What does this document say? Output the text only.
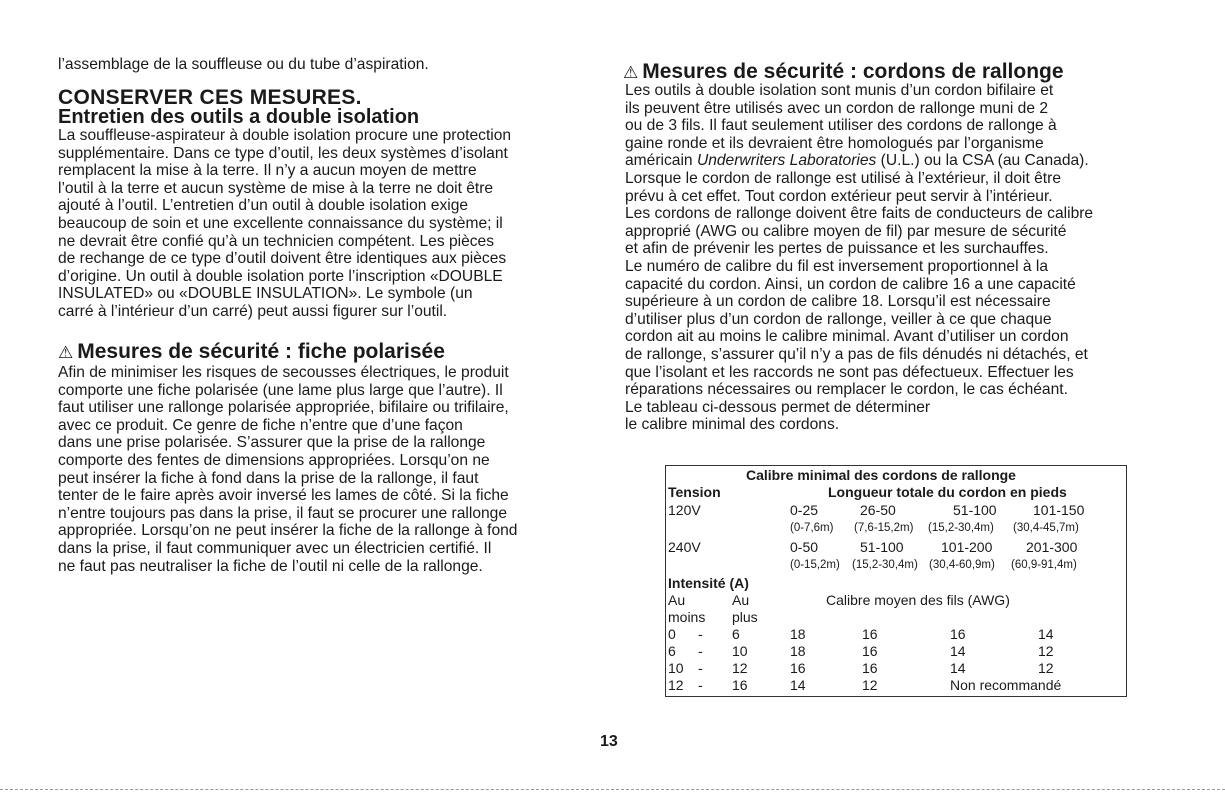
l’assemblage de la souffleuse ou du tube d’aspiration.
CONSERVER CES MESURES.
Entretien des outils a double isolation
La souffleuse-aspirateur à double isolation procure une protection
supplémentaire. Dans ce type d’outil, les deux systèmes d’isolant
remplacent la mise à la terre. Il n’y a aucun moyen de mettre
l’outil à la terre et aucun système de mise à la terre ne doit être
ajouté à l’outil. L’entretien d’un outil à double isolation exige
beaucoup de soin et une excellente connaissance du système; il
ne devrait être confié qu’à un technicien compétent. Les pièces
de rechange de ce type d’outil doivent être identiques aux pièces
d’origine. Un outil à double isolation porte l’inscription «DOUBLE
INSULATED» ou «DOUBLE INSULATION». Le symbole (un
carré à l’intérieur d’un carré) peut aussi figurer sur l’outil.
⚠ Mesures de sécurité : fiche polarisée
Afin de minimiser les risques de secousses électriques, le produit
comporte une fiche polarisée (une lame plus large que l’autre). Il
faut utiliser une rallonge polarisée appropriée, bifilaire ou trifilaire,
avec ce produit. Ce genre de fiche n’entre que d’une façon
dans une prise polarisée. S’assurer que la prise de la rallonge
comporte des fentes de dimensions appropriées. Lorsqu’on ne
peut insérer la fiche à fond dans la prise de la rallonge, il faut
tenter de le faire après avoir inversé les lames de côté. Si la fiche
n’entre toujours pas dans la prise, il faut se procurer une rallonge
appropriée. Lorsqu’on ne peut insérer la fiche de la rallonge à fond
dans la prise, il faut communiquer avec un électricien certifié. Il
ne faut pas neutraliser la fiche de l’outil ni celle de la rallonge.
⚠ Mesures de sécurité : cordons de rallonge
Les outils à double isolation sont munis d’un cordon bifilaire et
ils peuvent être utilisés avec un cordon de rallonge muni de 2
ou de 3 fils. Il faut seulement utiliser des cordons de rallonge à
gaine ronde et ils devraient être homologués par l’organisme
américain Underwriters Laboratories (U.L.) ou la CSA (au Canada).
Lorsque le cordon de rallonge est utilisé à l’extérieur, il doit être
prévu à cet effet. Tout cordon extérieur peut servir à l’intérieur.
Les cordons de rallonge doivent être faits de conducteurs de calibre
approprié (AWG ou calibre moyen de fil) par mesure de sécurité
et afin de prévenir les pertes de puissance et les surchauffes.
Le numéro de calibre du fil est inversement proportionnel à la
capacité du cordon. Ainsi, un cordon de calibre 16 a une capacité
supérieure à un cordon de calibre 18. Lorsqu’il est nécessaire
d’utiliser plus d’un cordon de rallonge, veiller à ce que chaque
cordon ait au moins le calibre minimal. Avant d’utiliser un cordon
de rallonge, s’assurer qu’il n’y a pas de fils dénudés ni détachés, et
que l’isolant et les raccords ne sont pas défectueux. Effectuer les
réparations nécessaires ou remplacer le cordon, le cas échéant.
Le tableau ci-dessous permet de déterminer
le calibre minimal des cordons.
Calibre minimal des cordons de rallonge
Tension	Longueur totale du cordon en pieds
120V	0-25	26-50	51-100	101-150
(0-7,6m) (7,6-15,2m) (15,2-30,4m) (30,4-45,7m)
240V	0-50	51-100	101-200 201-300
(0-15,2m) (15,2-30,4m) (30,4-60,9m) (60,9-91,4m)
Intensité (A)
Au	Au	Calibre moyen des fils (AWG)
moins plus
0 - 6	18	16	16	14
6 - 10	18	16	14	12
10 - 12	16	16	14	12
12 - 16	14	12	Non recommandé
13
